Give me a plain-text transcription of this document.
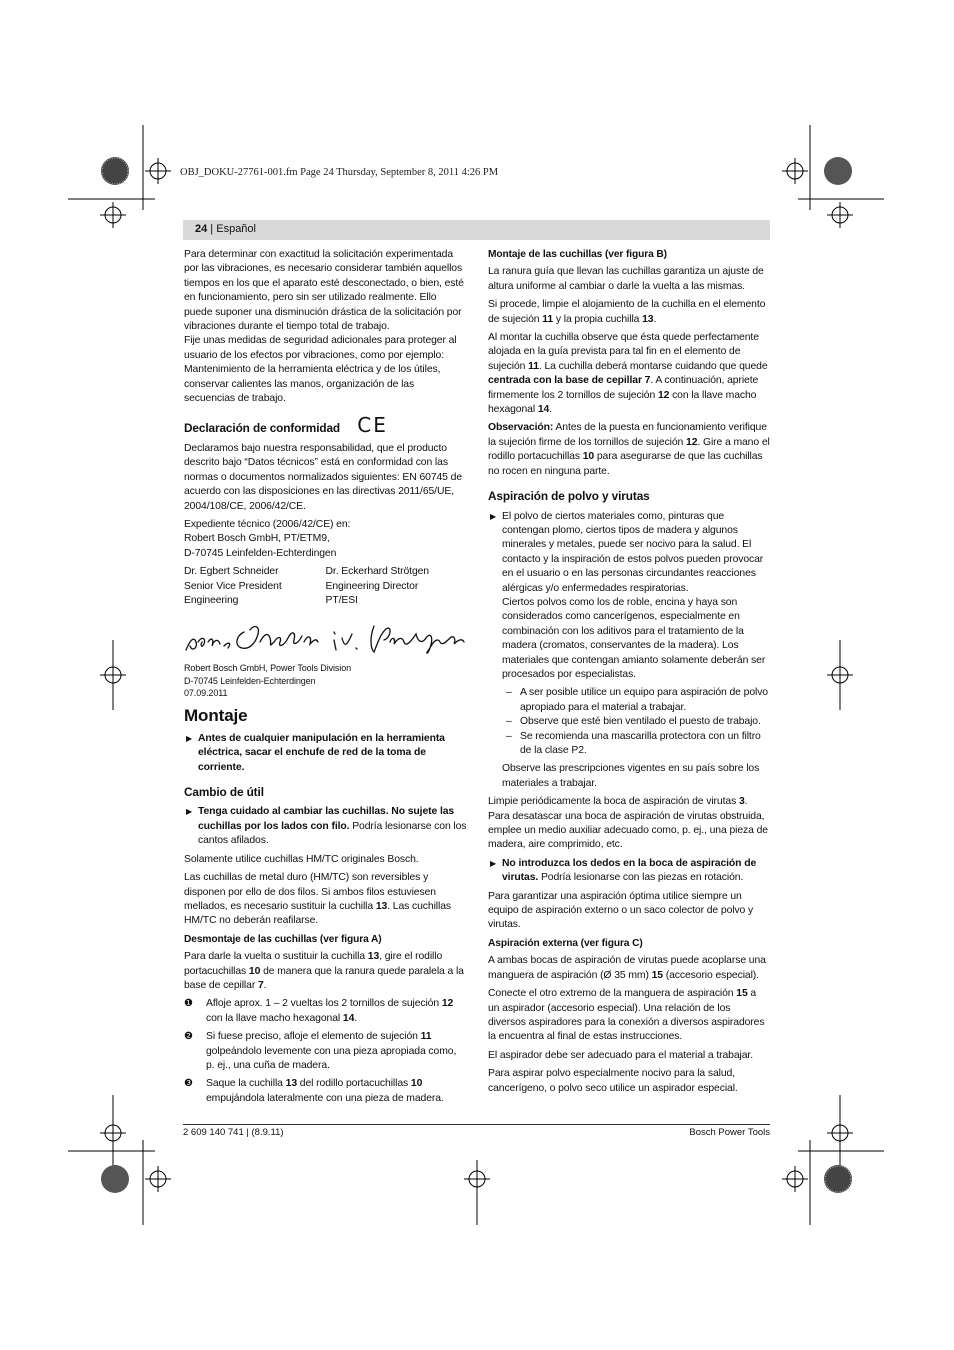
OBJ_DOKU-27761-001.fm Page 24 Thursday, September 8, 2011 4:26 PM
24 | Español

Para determinar con exactitud la solicitación experimentada por las vibraciones, es necesario considerar también aquellos tiempos en los que el aparato esté desconectado, o bien, esté en funcionamiento, pero sin ser utilizado realmente. Ello puede suponer una disminución drástica de la solicitación por vibraciones durante el tiempo total de trabajo.

Fije unas medidas de seguridad adicionales para proteger al usuario de los efectos por vibraciones, como por ejemplo: Mantenimiento de la herramienta eléctrica y de los útiles, conservar calientes las manos, organización de las secuencias de trabajo.

Declaración de conformidad CE

Declaramos bajo nuestra responsabilidad, que el producto descrito bajo “Datos técnicos” está en conformidad con las normas o documentos normalizados siguientes: EN 60745 de acuerdo con las disposiciones en las directivas 2011/65/UE, 2004/108/CE, 2006/42/CE.

Expediente técnico (2006/42/CE) en:

Robert Bosch GmbH, PT/ETM9,

D-70745 Leinfelden-Echterdingen

Dr. Egbert Schneider
Senior Vice President
Engineering
Dr. Eckerhard Strötgen
Engineering Director
PT/ESI
Robert Bosch GmbH, Power Tools Division
D-70745 Leinfelden-Echterdingen
07.09.2011
Montaje
▶ Antes de cualquier manipulación en la herramienta eléctrica, sacar el enchufe de red de la toma de corriente.
Cambio de útil
▶ Tenga cuidado al cambiar las cuchillas. No sujete las cuchillas por los lados con filo. Podría lesionarse con los cantos afilados.

Solamente utilice cuchillas HM/TC originales Bosch.

Las cuchillas de metal duro (HM/TC) son reversibles y disponen por ello de dos filos. Si ambos filos estuviesen mellados, es necesario sustituir la cuchilla 13. Las cuchillas HM/TC no deberán reafilarse.

Desmontaje de las cuchillas (ver figura A)

Para darle la vuelta o sustituir la cuchilla 13, gire el rodillo portacuchillas 10 de manera que la ranura quede paralela a la base de cepillar 7.

❶ Afloje aprox. 1 – 2 vueltas los 2 tornillos de sujeción 12 con la llave macho hexagonal 14.
❷ Si fuese preciso, afloje el elemento de sujeción 11 golpeándolo levemente con una pieza apropiada como, p. ej., una cuña de madera.
❸ Saque la cuchilla 13 del rodillo portacuchillas 10 empujándola lateralmente con una pieza de madera.
Montaje de las cuchillas (ver figura B)

La ranura guía que llevan las cuchillas garantiza un ajuste de altura uniforme al cambiar o darle la vuelta a las mismas.

Si procede, limpie el alojamiento de la cuchilla en el elemento de sujeción 11 y la propia cuchilla 13.

Al montar la cuchilla observe que ésta quede perfectamente alojada en la guía prevista para tal fin en el elemento de sujeción 11. La cuchilla deberá montarse cuidando que quede centrada con la base de cepillar 7. A continuación, apriete firmemente los 2 tornillos de sujeción 12 con la llave macho hexagonal 14.

Observación: Antes de la puesta en funcionamiento verifique la sujeción firme de los tornillos de sujeción 12. Gire a mano el rodillo portacuchillas 10 para asegurarse de que las cuchillas no rocen en ninguna parte.

Aspiración de polvo y virutas
▶ El polvo de ciertos materiales como, pinturas que contengan plomo, ciertos tipos de madera y algunos minerales y metales, puede ser nocivo para la salud. El contacto y la inspiración de estos polvos pueden provocar en el usuario o en las personas circundantes reacciones alérgicas y/o enfermedades respiratorias.

Ciertos polvos como los de roble, encina y haya son considerados como cancerígenos, especialmente en combinación con los aditivos para el tratamiento de la madera (cromatos, conservantes de la madera). Los materiales que contengan amianto solamente deberán ser procesados por especialistas.

– A ser posible utilice un equipo para aspiración de polvo apropiado para el material a trabajar.
– Observe que esté bien ventilado el puesto de trabajo.
– Se recomienda una mascarilla protectora con un filtro de la clase P2.

Observe las prescripciones vigentes en su país sobre los materiales a trabajar.

Limpie periódicamente la boca de aspiración de virutas 3. Para desatascar una boca de aspiración de virutas obstruida, emplee un medio auxiliar adecuado como, p. ej., una pieza de madera, aire comprimido, etc.

▶ No introduzca los dedos en la boca de aspiración de virutas. Podría lesionarse con las piezas en rotación.

Para garantizar una aspiración óptima utilice siempre un equipo de aspiración externo o un saco colector de polvo y virutas.

Aspiración externa (ver figura C)

A ambas bocas de aspiración de virutas puede acoplarse una manguera de aspiración (Ø 35 mm) 15 (accesorio especial).

Conecte el otro extremo de la manguera de aspiración 15 a un aspirador (accesorio especial). Una relación de los diversos aspiradores para la conexión a diversos aspiradores la encuentra al final de estas instrucciones.

El aspirador debe ser adecuado para el material a trabajar.

Para aspirar polvo especialmente nocivo para la salud, cancerígeno, o polvo seco utilice un aspirador especial.

2 609 140 741 | (8.9.11)	Bosch Power Tools
